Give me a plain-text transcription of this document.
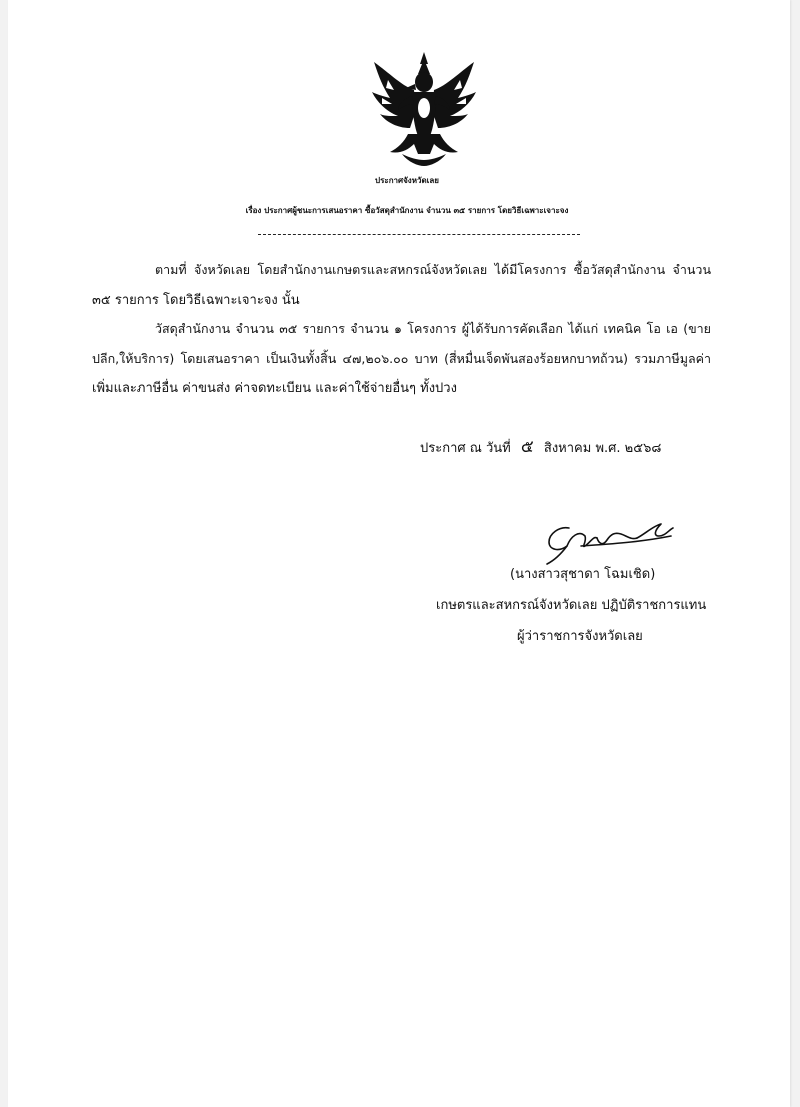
ประกาศจังหวัดเลย
เรื่อง ประกาศผู้ชนะการเสนอราคา ซื้อวัสดุสำนักงาน จำนวน ๓๕ รายการ โดยวิธีเฉพาะเจาะจง
ตามที่ จังหวัดเลย โดยสำนักงานเกษตรและสหกรณ์จังหวัดเลย ได้มีโครงการ ซื้อวัสดุสำนักงาน จำนวน
๓๕ รายการ โดยวิธีเฉพาะเจาะจง นั้น
วัสดุสำนักงาน จำนวน ๓๕ รายการ จำนวน ๑ โครงการ ผู้ได้รับการคัดเลือก ได้แก่ เทคนิค โอ เอ (ขาย
ปลีก,ให้บริการ) โดยเสนอราคา เป็นเงินทั้งสิ้น ๔๗,๒๐๖.๐๐ บาท (สี่หมื่นเจ็ดพันสองร้อยหกบาทถ้วน) รวมภาษีมูลค่า
เพิ่มและภาษีอื่น ค่าขนส่ง ค่าจดทะเบียน และค่าใช้จ่ายอื่นๆ ทั้งปวง
ประกาศ ณ วันที่ ๕ สิงหาคม พ.ศ. ๒๕๖๘
(นางสาวสุชาดา โฉมเชิด)
เกษตรและสหกรณ์จังหวัดเลย ปฏิบัติราชการแทน
ผู้ว่าราชการจังหวัดเลย
